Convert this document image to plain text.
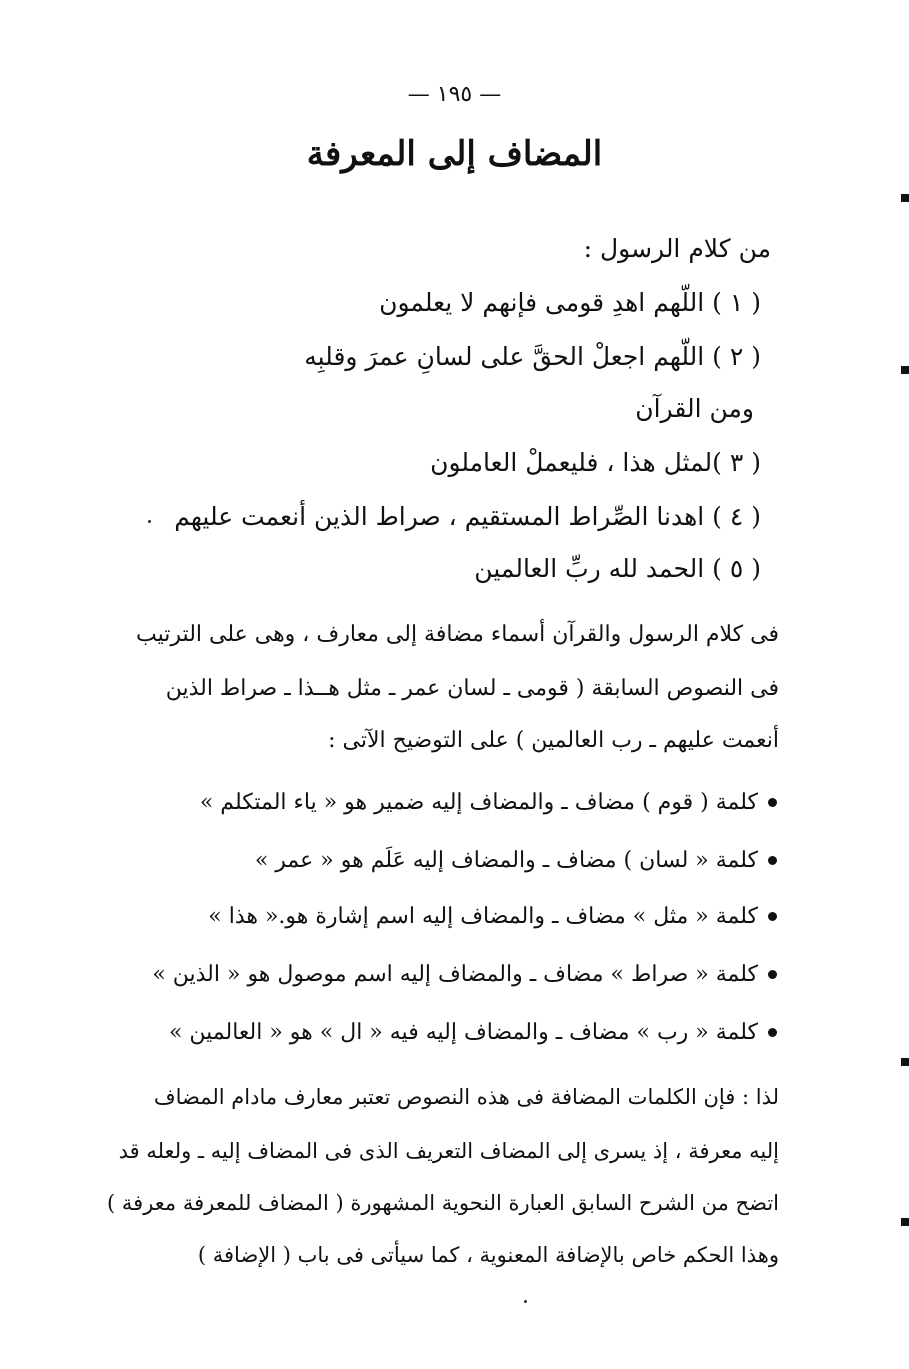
— ١٩٥ —
المضاف إلى المعرفة
من كلام الرسول :
( ١ ) اللّهم اهدِ قومى فإنهم لا يعلمون
( ٢ ) اللّهم اجعلْ الحقَّ على لسانِ عمرَ وقلبِه
ومن القرآن
( ٣ )لمثل هذا ، فليعملْ العاملون
( ٤ ) اهدنا الصِّراط المستقيم ، صراط الذين أنعمت عليهم
( ٥ ) الحمد لله ربِّ العالمين
فى كلام الرسول والقرآن أسماء مضافة إلى معارف ، وهى على الترتيب
فى النصوص السابقة ( قومى ـ لسان عمر ـ مثل هــذا ـ صراط الذين
أنعمت عليهم ـ رب العالمين ) على التوضيح الآتى :
كلمة ( قوم ) مضاف ـ والمضاف إليه ضمير هو « ياء المتكلم »
كلمة « لسان ) مضاف ـ والمضاف إليه عَلَم هو « عمر »
كلمة « مثل » مضاف ـ والمضاف إليه اسم إشارة هو.« هذا »
كلمة « صراط » مضاف ـ والمضاف إليه اسم موصول هو « الذين »
كلمة « رب » مضاف ـ والمضاف إليه فيه « ال » هو « العالمين »
لذا : فإن الكلمات المضافة فى هذه النصوص تعتبر معارف مادام المضاف
إليه معرفة ، إذ يسرى إلى المضاف التعريف الذى فى المضاف إليه ـ ولعله قد
اتضح من الشرح السابق العبارة النحوية المشهورة ( المضاف للمعرفة معرفة )
وهذا الحكم خاص بالإضافة المعنوية ، كما سيأتى فى باب ( الإضافة )
